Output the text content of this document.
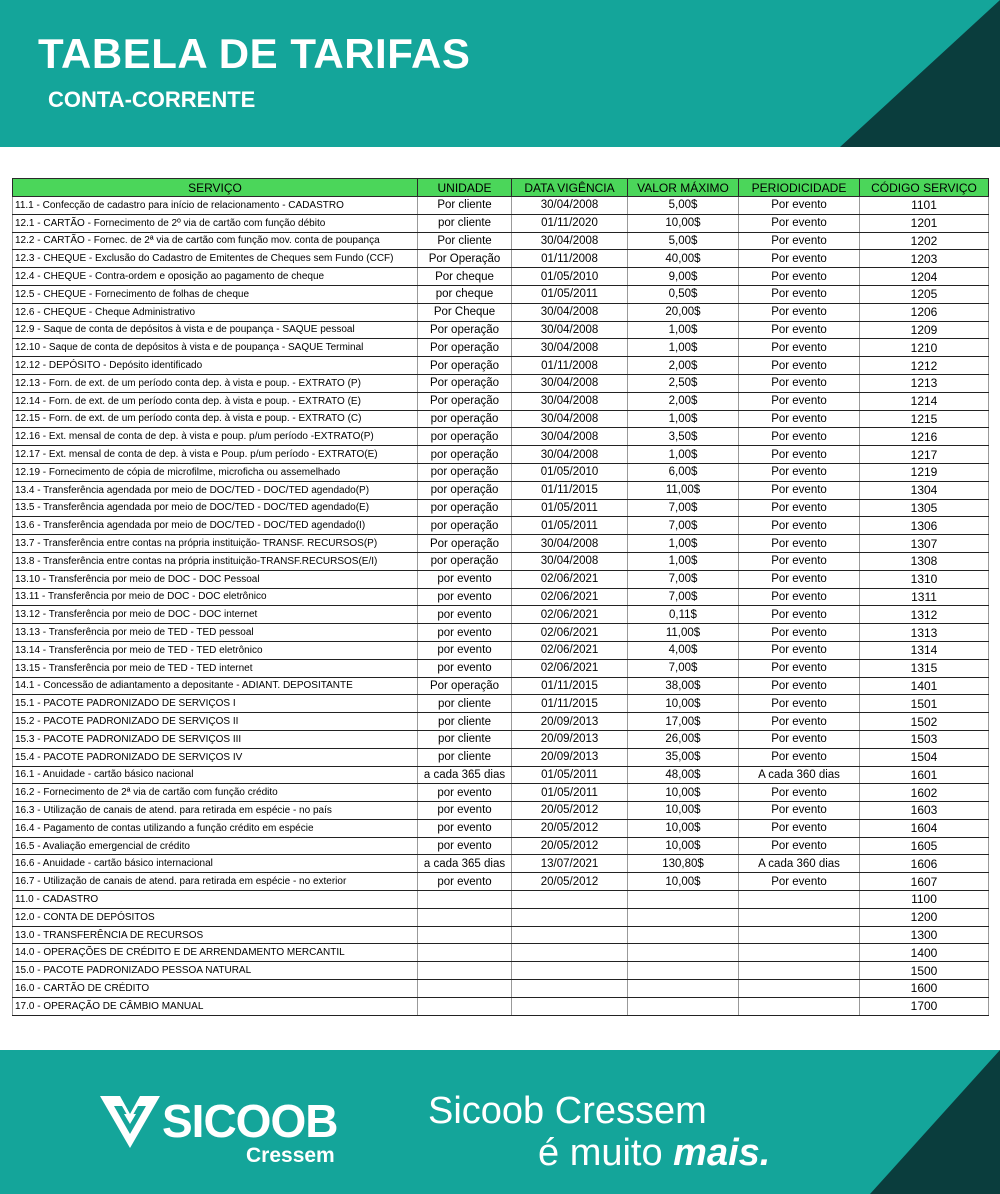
TABELA DE TARIFAS
CONTA-CORRENTE
SERVIÇO	UNIDADE	DATA VIGÊNCIA	VALOR MÁXIMO	PERIODICIDADE	CÓDIGO SERVIÇO
11.1 - Confecção de cadastro para início de relacionamento - CADASTRO	Por cliente	30/04/2008	5,00$	Por evento	1101
12.1 - CARTÃO - Fornecimento de 2º via de cartão com função débito	por cliente	01/11/2020	10,00$	Por evento	1201
12.2 - CARTÃO - Fornec. de 2ª via de cartão com função mov. conta de poupança	Por cliente	30/04/2008	5,00$	Por evento	1202
12.3 - CHEQUE - Exclusão do Cadastro de Emitentes de Cheques sem Fundo (CCF)	Por Operação	01/11/2008	40,00$	Por evento	1203
12.4 - CHEQUE - Contra-ordem e oposição ao pagamento de cheque	Por cheque	01/05/2010	9,00$	Por evento	1204
12.5 - CHEQUE - Fornecimento de folhas de cheque	por cheque	01/05/2011	0,50$	Por evento	1205
12.6 - CHEQUE - Cheque Administrativo	Por Cheque	30/04/2008	20,00$	Por evento	1206
12.9 - Saque de conta de depósitos à vista e de poupança - SAQUE pessoal	Por operação	30/04/2008	1,00$	Por evento	1209
12.10 - Saque de conta de depósitos à vista e de poupança - SAQUE Terminal	Por operação	30/04/2008	1,00$	Por evento	1210
12.12 - DEPÓSITO - Depósito identificado	Por operação	01/11/2008	2,00$	Por evento	1212
12.13 - Forn. de ext. de um período conta dep. à vista e poup. - EXTRATO (P)	Por operação	30/04/2008	2,50$	Por evento	1213
12.14 - Forn. de ext. de um período conta dep. à vista e poup. - EXTRATO (E)	Por operação	30/04/2008	2,00$	Por evento	1214
12.15 - Forn. de ext. de um período conta dep. à vista e poup. - EXTRATO (C)	por operação	30/04/2008	1,00$	Por evento	1215
12.16 - Ext. mensal de conta de dep. à vista e poup. p/um período -EXTRATO(P)	por operação	30/04/2008	3,50$	Por evento	1216
12.17 - Ext. mensal de conta de dep. à vista e Poup. p/um período - EXTRATO(E)	por operação	30/04/2008	1,00$	Por evento	1217
12.19 - Fornecimento de cópia de microfilme, microficha ou assemelhado	por operação	01/05/2010	6,00$	Por evento	1219
13.4 - Transferência agendada por meio de DOC/TED - DOC/TED agendado(P)	por operação	01/11/2015	11,00$	Por evento	1304
13.5 - Transferência agendada por meio de DOC/TED - DOC/TED agendado(E)	por operação	01/05/2011	7,00$	Por evento	1305
13.6 - Transferência agendada por meio de DOC/TED - DOC/TED agendado(I)	por operação	01/05/2011	7,00$	Por evento	1306
13.7 - Transferência entre contas na própria instituição- TRANSF. RECURSOS(P)	Por operação	30/04/2008	1,00$	Por evento	1307
13.8 - Transferência entre contas na própria instituição-TRANSF.RECURSOS(E/I)	por operação	30/04/2008	1,00$	Por evento	1308
13.10 - Transferência por meio de DOC - DOC Pessoal	por evento	02/06/2021	7,00$	Por evento	1310
13.11 - Transferência por meio de DOC - DOC eletrônico	por evento	02/06/2021	7,00$	Por evento	1311
13.12 - Transferência por meio de DOC - DOC internet	por evento	02/06/2021	0,11$	Por evento	1312
13.13 - Transferência por meio de TED - TED pessoal	por evento	02/06/2021	11,00$	Por evento	1313
13.14 - Transferência por meio de TED - TED eletrônico	por evento	02/06/2021	4,00$	Por evento	1314
13.15 - Transferência por meio de TED - TED internet	por evento	02/06/2021	7,00$	Por evento	1315
14.1 - Concessão de adiantamento a depositante - ADIANT. DEPOSITANTE	Por operação	01/11/2015	38,00$	Por evento	1401
15.1 - PACOTE PADRONIZADO DE SERVIÇOS I	por cliente	01/11/2015	10,00$	Por evento	1501
15.2 - PACOTE PADRONIZADO DE SERVIÇOS II	por cliente	20/09/2013	17,00$	Por evento	1502
15.3 - PACOTE PADRONIZADO DE SERVIÇOS III	por cliente	20/09/2013	26,00$	Por evento	1503
15.4 - PACOTE PADRONIZADO DE SERVIÇOS IV	por cliente	20/09/2013	35,00$	Por evento	1504
16.1 - Anuidade - cartão básico nacional	a cada 365 dias	01/05/2011	48,00$	A cada 360 dias	1601
16.2 - Fornecimento de 2ª via de cartão com função crédito	por evento	01/05/2011	10,00$	Por evento	1602
16.3 - Utilização de canais de atend. para retirada em espécie - no país	por evento	20/05/2012	10,00$	Por evento	1603
16.4 - Pagamento de contas utilizando a função crédito em espécie	por evento	20/05/2012	10,00$	Por evento	1604
16.5 - Avaliação emergencial de crédito	por evento	20/05/2012	10,00$	Por evento	1605
16.6 - Anuidade - cartão básico internacional	a cada 365 dias	13/07/2021	130,80$	A cada 360 dias	1606
16.7 - Utilização de canais de atend. para retirada em espécie - no exterior	por evento	20/05/2012	10,00$	Por evento	1607
11.0 - CADASTRO					1100
12.0 - CONTA DE DEPÓSITOS					1200
13.0 - TRANSFERÊNCIA DE RECURSOS					1300
14.0 - OPERAÇÕES DE CRÉDITO E DE ARRENDAMENTO MERCANTIL					1400
15.0 - PACOTE PADRONIZADO PESSOA NATURAL					1500
16.0 - CARTÃO DE CRÉDITO					1600
17.0 - OPERAÇÃO DE CÂMBIO MANUAL					1700
SICOOB
Cressem
Sicoob Cressem
é muito mais.
